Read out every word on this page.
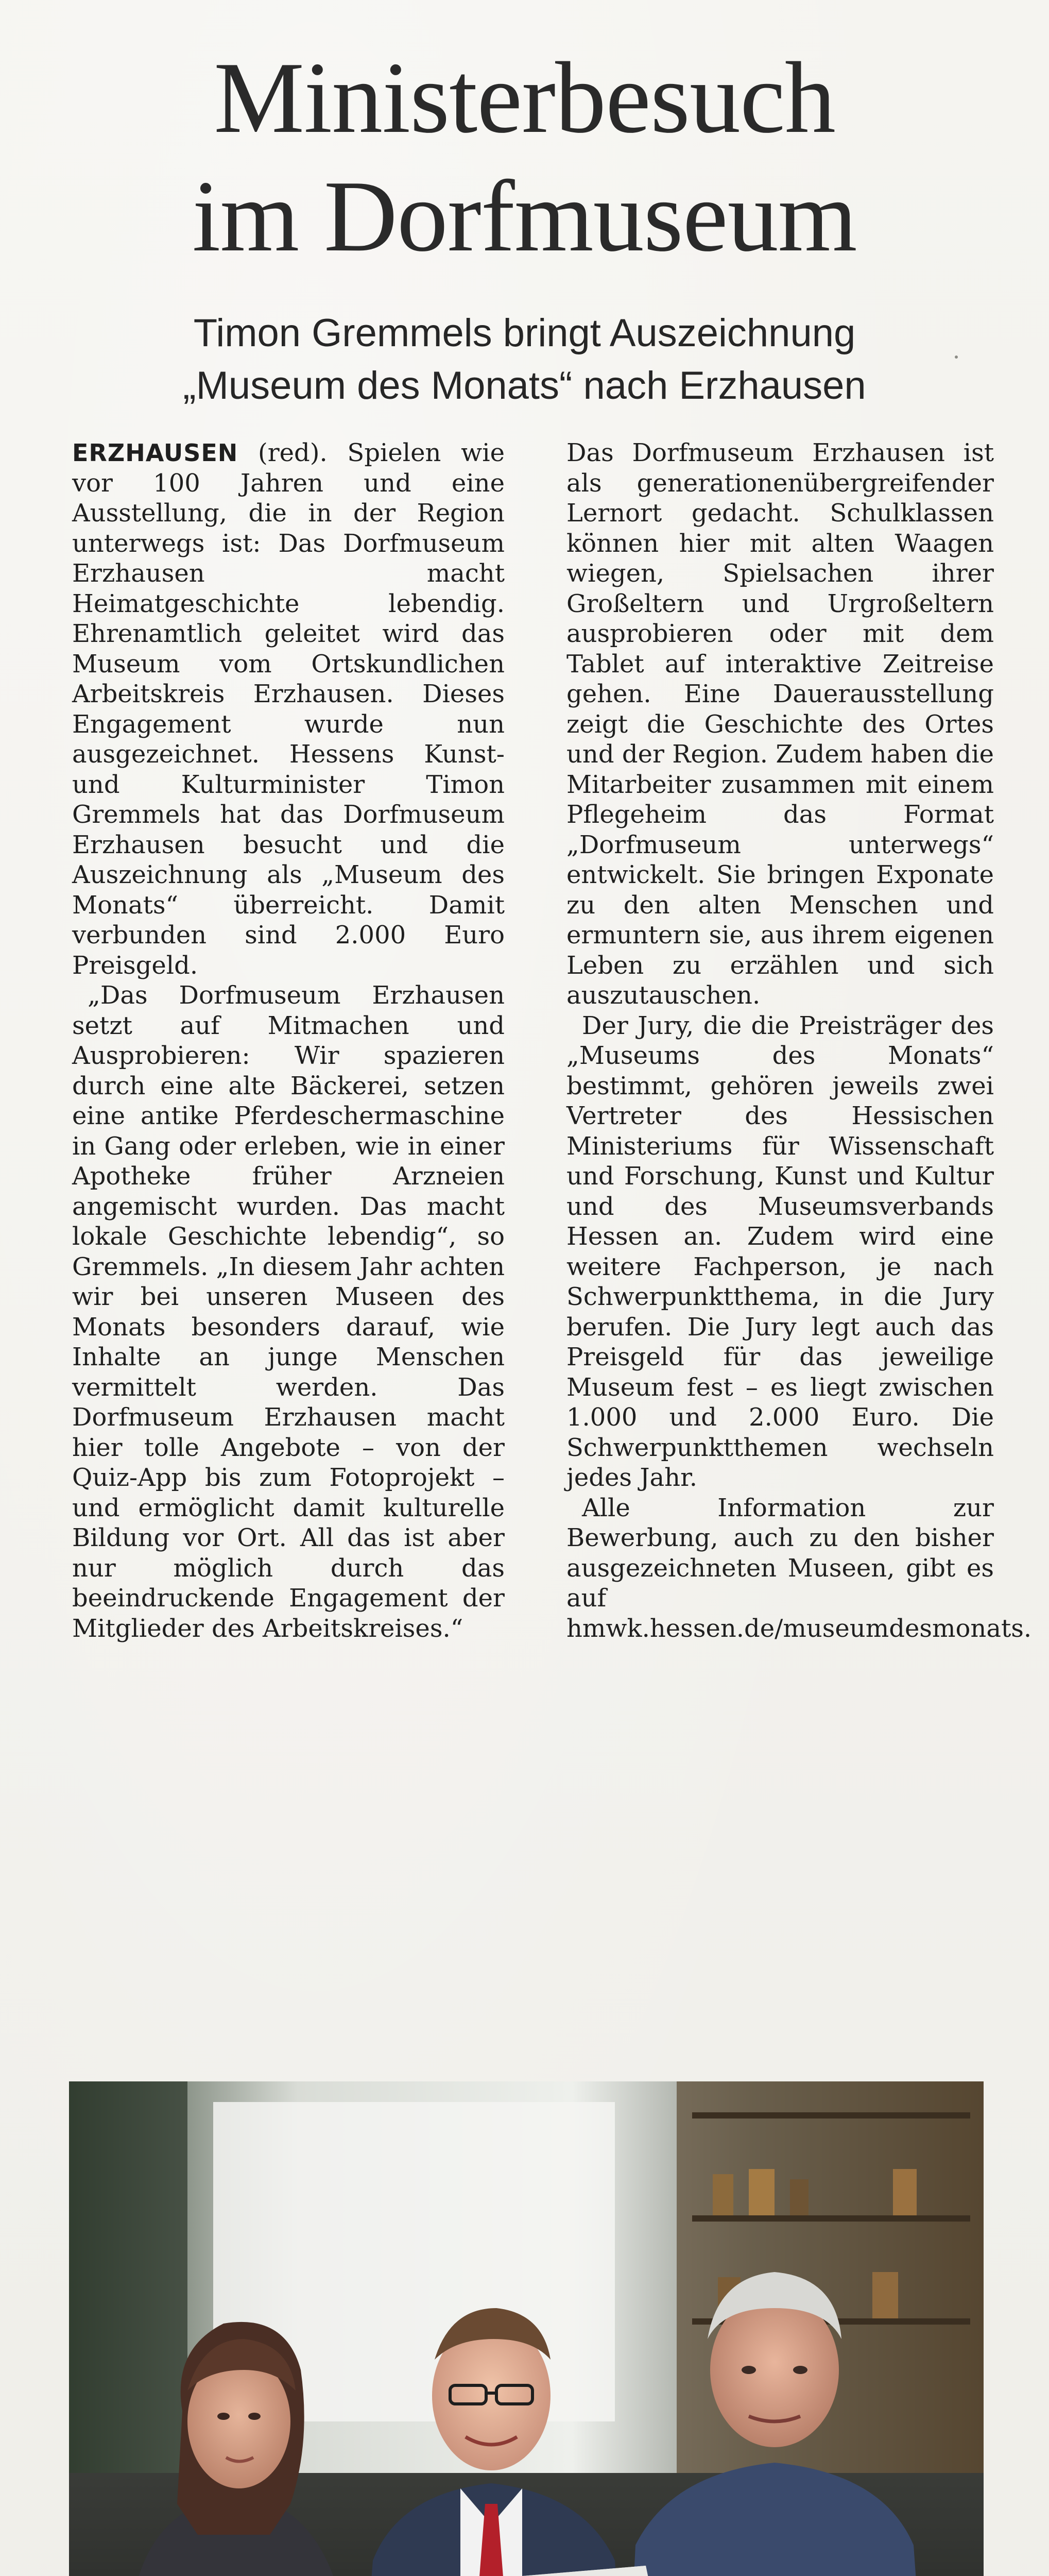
Ministerbesuch
im Dorfmuseum
Timon Gremmels bringt Auszeichnung
„Museum des Monats“ nach Erzhausen

ERZHAUSEN (red). Spielen wie vor 100 Jahren und eine Ausstellung, die in der Region unterwegs ist: Das Dorfmuseum Erzhausen macht Heimatgeschichte lebendig. Ehrenamtlich geleitet wird das Museum vom Ortskundlichen Arbeitskreis Erzhausen. Dieses Engagement wurde nun ausgezeichnet. Hessens Kunst- und Kulturminister Timon Gremmels hat das Dorfmuseum Erzhausen besucht und die Auszeichnung als „Museum des Monats“ überreicht. Damit verbunden sind 2.000 Euro Preisgeld.

„Das Dorfmuseum Erzhausen setzt auf Mitmachen und Ausprobieren: Wir spazieren durch eine alte Bäckerei, setzen eine antike Pferdeschermaschine in Gang oder erleben, wie in einer Apotheke früher Arzneien angemischt wurden. Das macht lokale Geschichte lebendig“, so Gremmels. „In diesem Jahr achten wir bei unseren Museen des Monats besonders darauf, wie Inhalte an junge Menschen vermittelt werden. Das Dorfmuseum Erzhausen macht hier tolle Angebote – von der Quiz-App bis zum Fotoprojekt – und ermöglicht damit kulturelle Bildung vor Ort. All das ist aber nur möglich durch das beeindruckende Engagement der Mitglieder des Arbeitskreises.“

Das Dorfmuseum Erzhausen ist als generationenübergreifender Lernort gedacht. Schulklassen können hier mit alten Waagen wiegen, Spielsachen ihrer Großeltern und Urgroßeltern ausprobieren oder mit dem Tablet auf interaktive Zeitreise gehen. Eine Dauerausstellung zeigt die Geschichte des Ortes und der Region. Zudem haben die Mitarbeiter zusammen mit einem Pflegeheim das Format „Dorfmuseum unterwegs“ entwickelt. Sie bringen Exponate zu den alten Menschen und ermuntern sie, aus ihrem eigenen Leben zu erzählen und sich auszutauschen.

Der Jury, die die Preisträger des „Museums des Monats“ bestimmt, gehören jeweils zwei Vertreter des Hessischen Ministeriums für Wissenschaft und Forschung, Kunst und Kultur und des Museumsverbands Hessen an. Zudem wird eine weitere Fachperson, je nach Schwerpunktthema, in die Jury berufen. Die Jury legt auch das Preisgeld für das jeweilige Museum fest – es liegt zwischen 1.000 und 2.000 Euro. Die Schwerpunktthemen wechseln jedes Jahr.

Alle Information zur Bewerbung, auch zu den bisher ausgezeichneten Museen, gibt es auf hmwk.hessen.de/museumdesmonats.
